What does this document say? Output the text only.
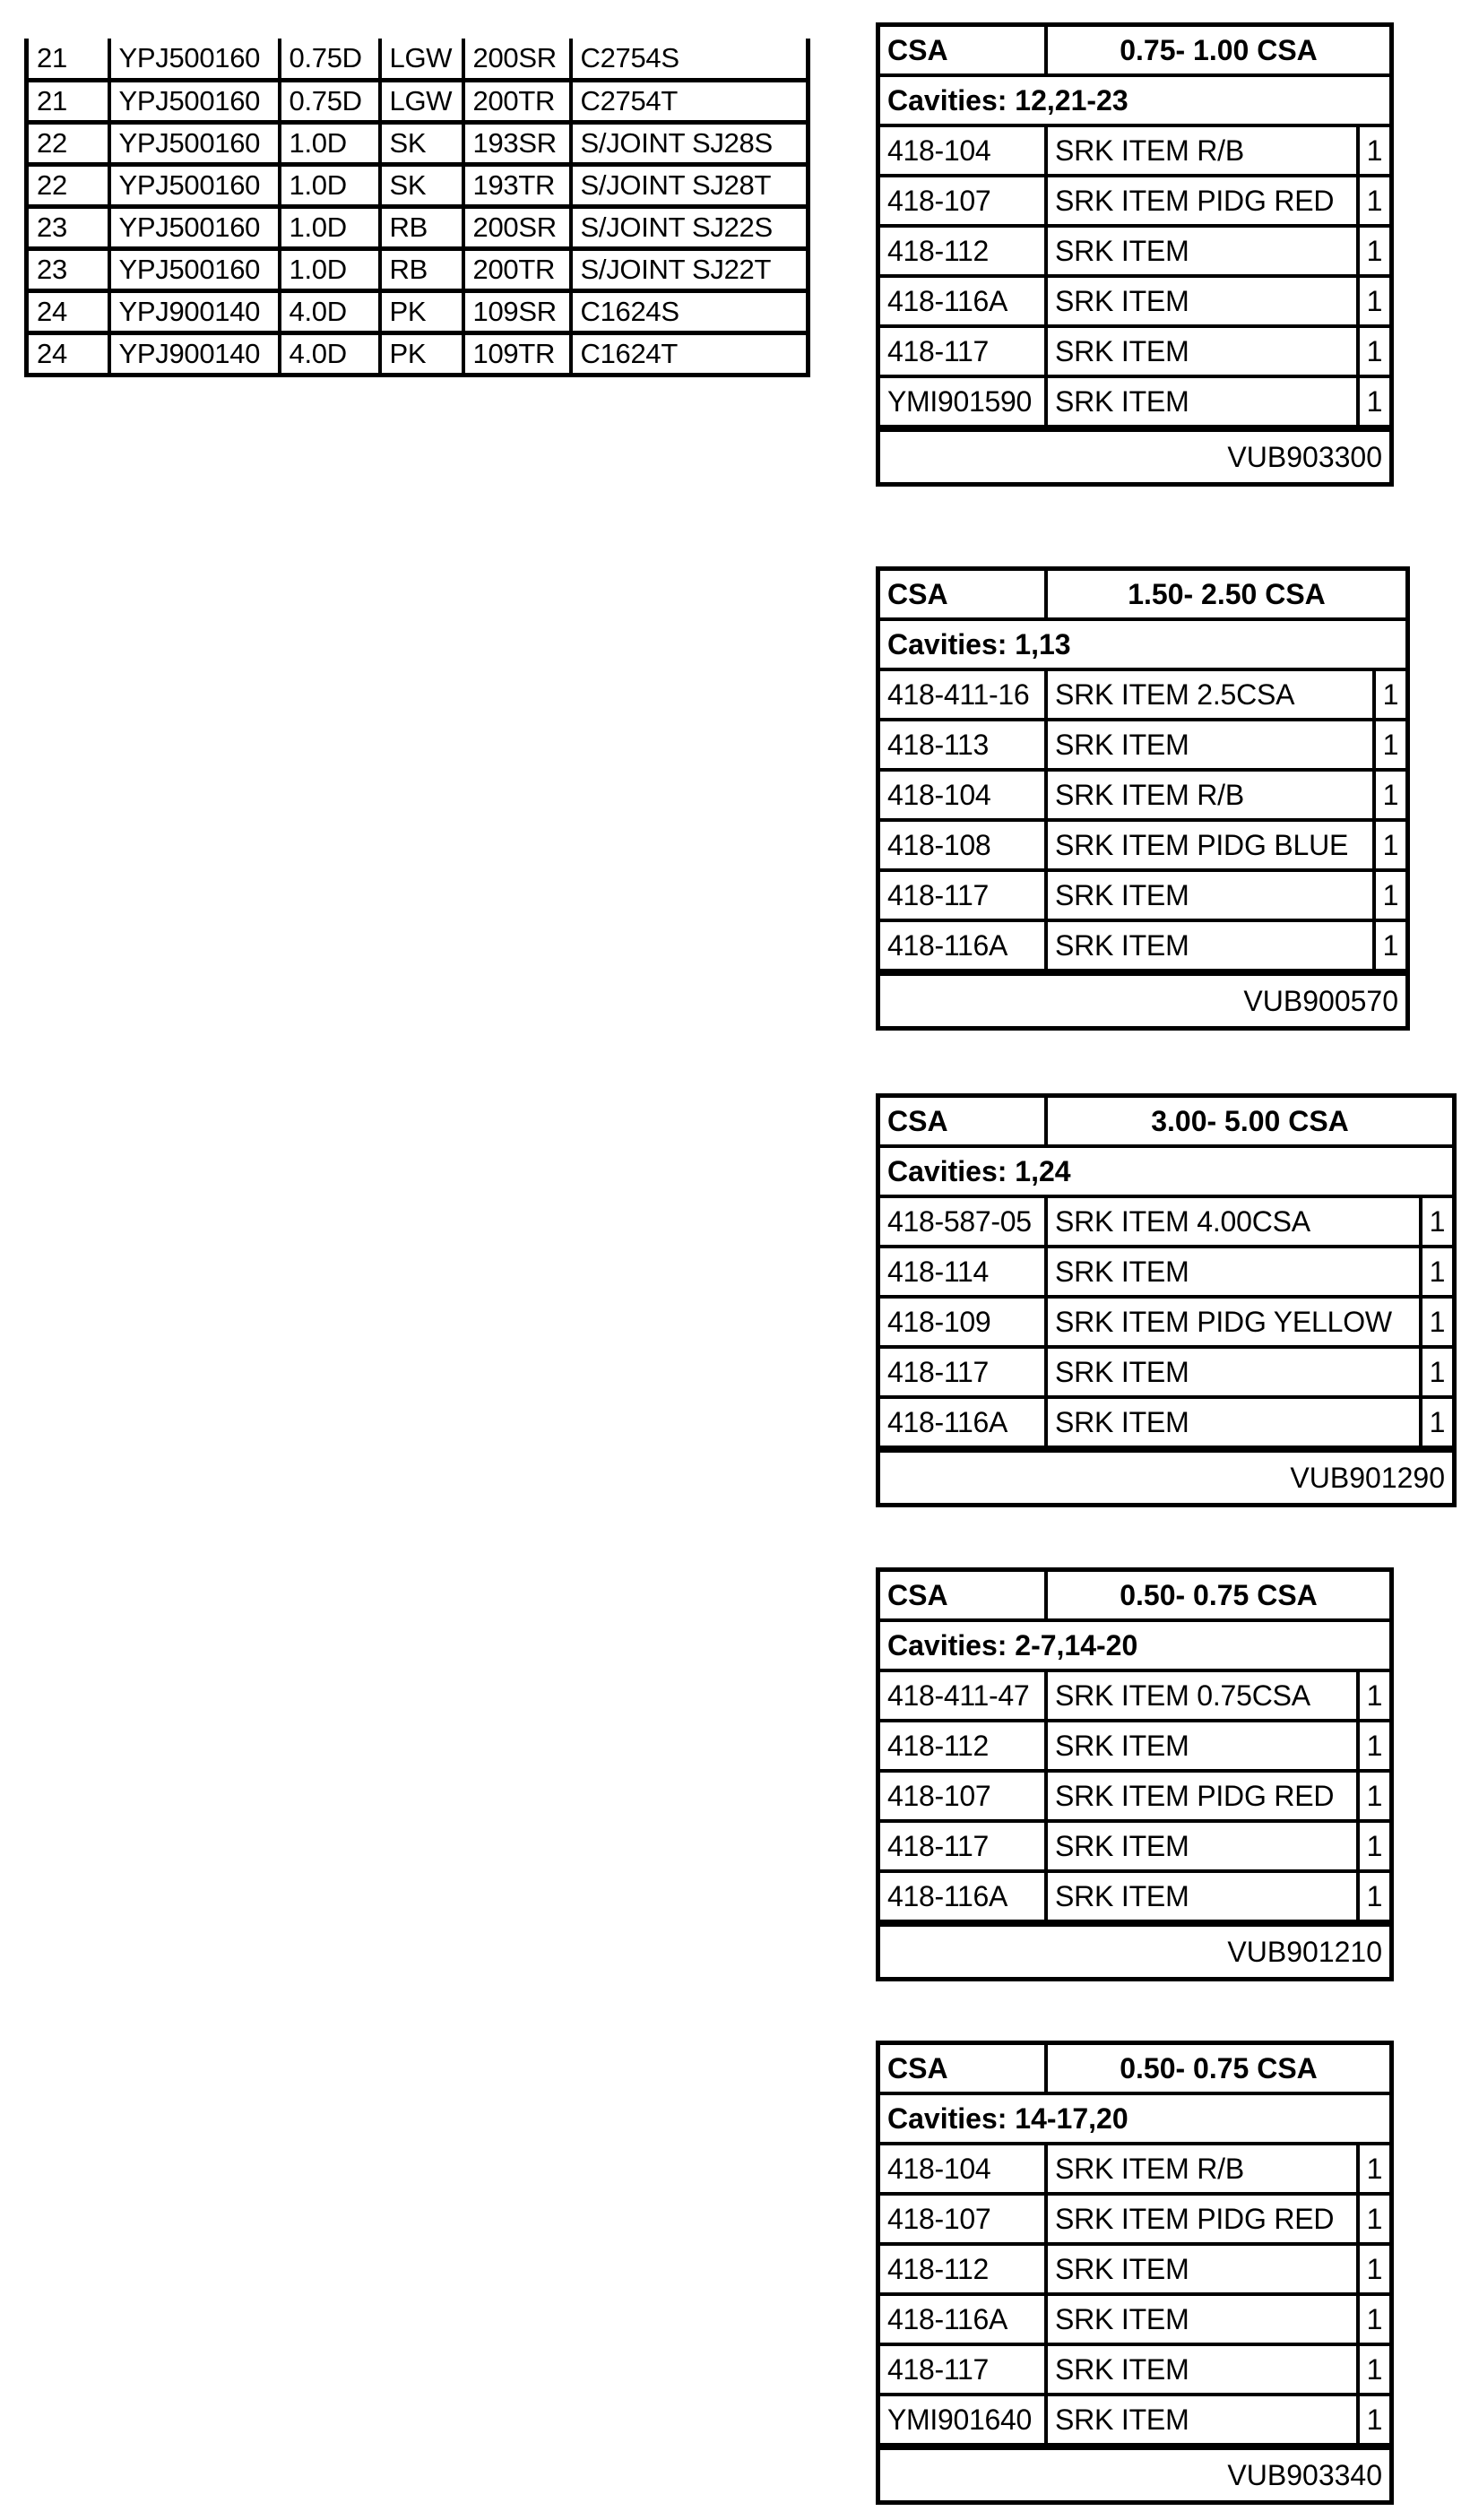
21	YPJ500160	0.75D	LGW	200SR	C2754S
21	YPJ500160	0.75D	LGW	200TR	C2754T
22	YPJ500160	1.0D	SK	193SR	S/JOINT SJ28S
22	YPJ500160	1.0D	SK	193TR	S/JOINT SJ28T
23	YPJ500160	1.0D	RB	200SR	S/JOINT SJ22S
23	YPJ500160	1.0D	RB	200TR	S/JOINT SJ22T
24	YPJ900140	4.0D	PK	109SR	C1624S
24	YPJ900140	4.0D	PK	109TR	C1624T
CSA	0.75- 1.00 CSA
Cavities: 12,21-23
418-104	SRK ITEM R/B	1
418-107	SRK ITEM PIDG RED	1
418-112	SRK ITEM	1
418-116A	SRK ITEM	1
418-117	SRK ITEM	1
YMI901590 SRK ITEM	1
VUB903300
CSA	1.50- 2.50 CSA
Cavities: 1,13
418-411-16 SRK ITEM 2.5CSA	1
418-113	SRK ITEM	1
418-104	SRK ITEM R/B	1
418-108	SRK ITEM PIDG BLUE	1
418-117	SRK ITEM	1
418-116A	SRK ITEM	1
VUB900570
CSA	3.00- 5.00 CSA
Cavities: 1,24
418-587-05 SRK ITEM 4.00CSA	1
418-114	SRK ITEM	1
418-109	SRK ITEM PIDG YELLOW	1
418-117	SRK ITEM	1
418-116A	SRK ITEM	1
VUB901290
CSA	0.50- 0.75 CSA
Cavities: 2-7,14-20
418-411-47 SRK ITEM 0.75CSA	1
418-112	SRK ITEM	1
418-107	SRK ITEM PIDG RED	1
418-117	SRK ITEM	1
418-116A	SRK ITEM	1
VUB901210
CSA	0.50- 0.75 CSA
Cavities: 14-17,20
418-104	SRK ITEM R/B	1
418-107	SRK ITEM PIDG RED	1
418-112	SRK ITEM	1
418-116A	SRK ITEM	1
418-117	SRK ITEM	1
YMI901640 SRK ITEM	1
VUB903340
